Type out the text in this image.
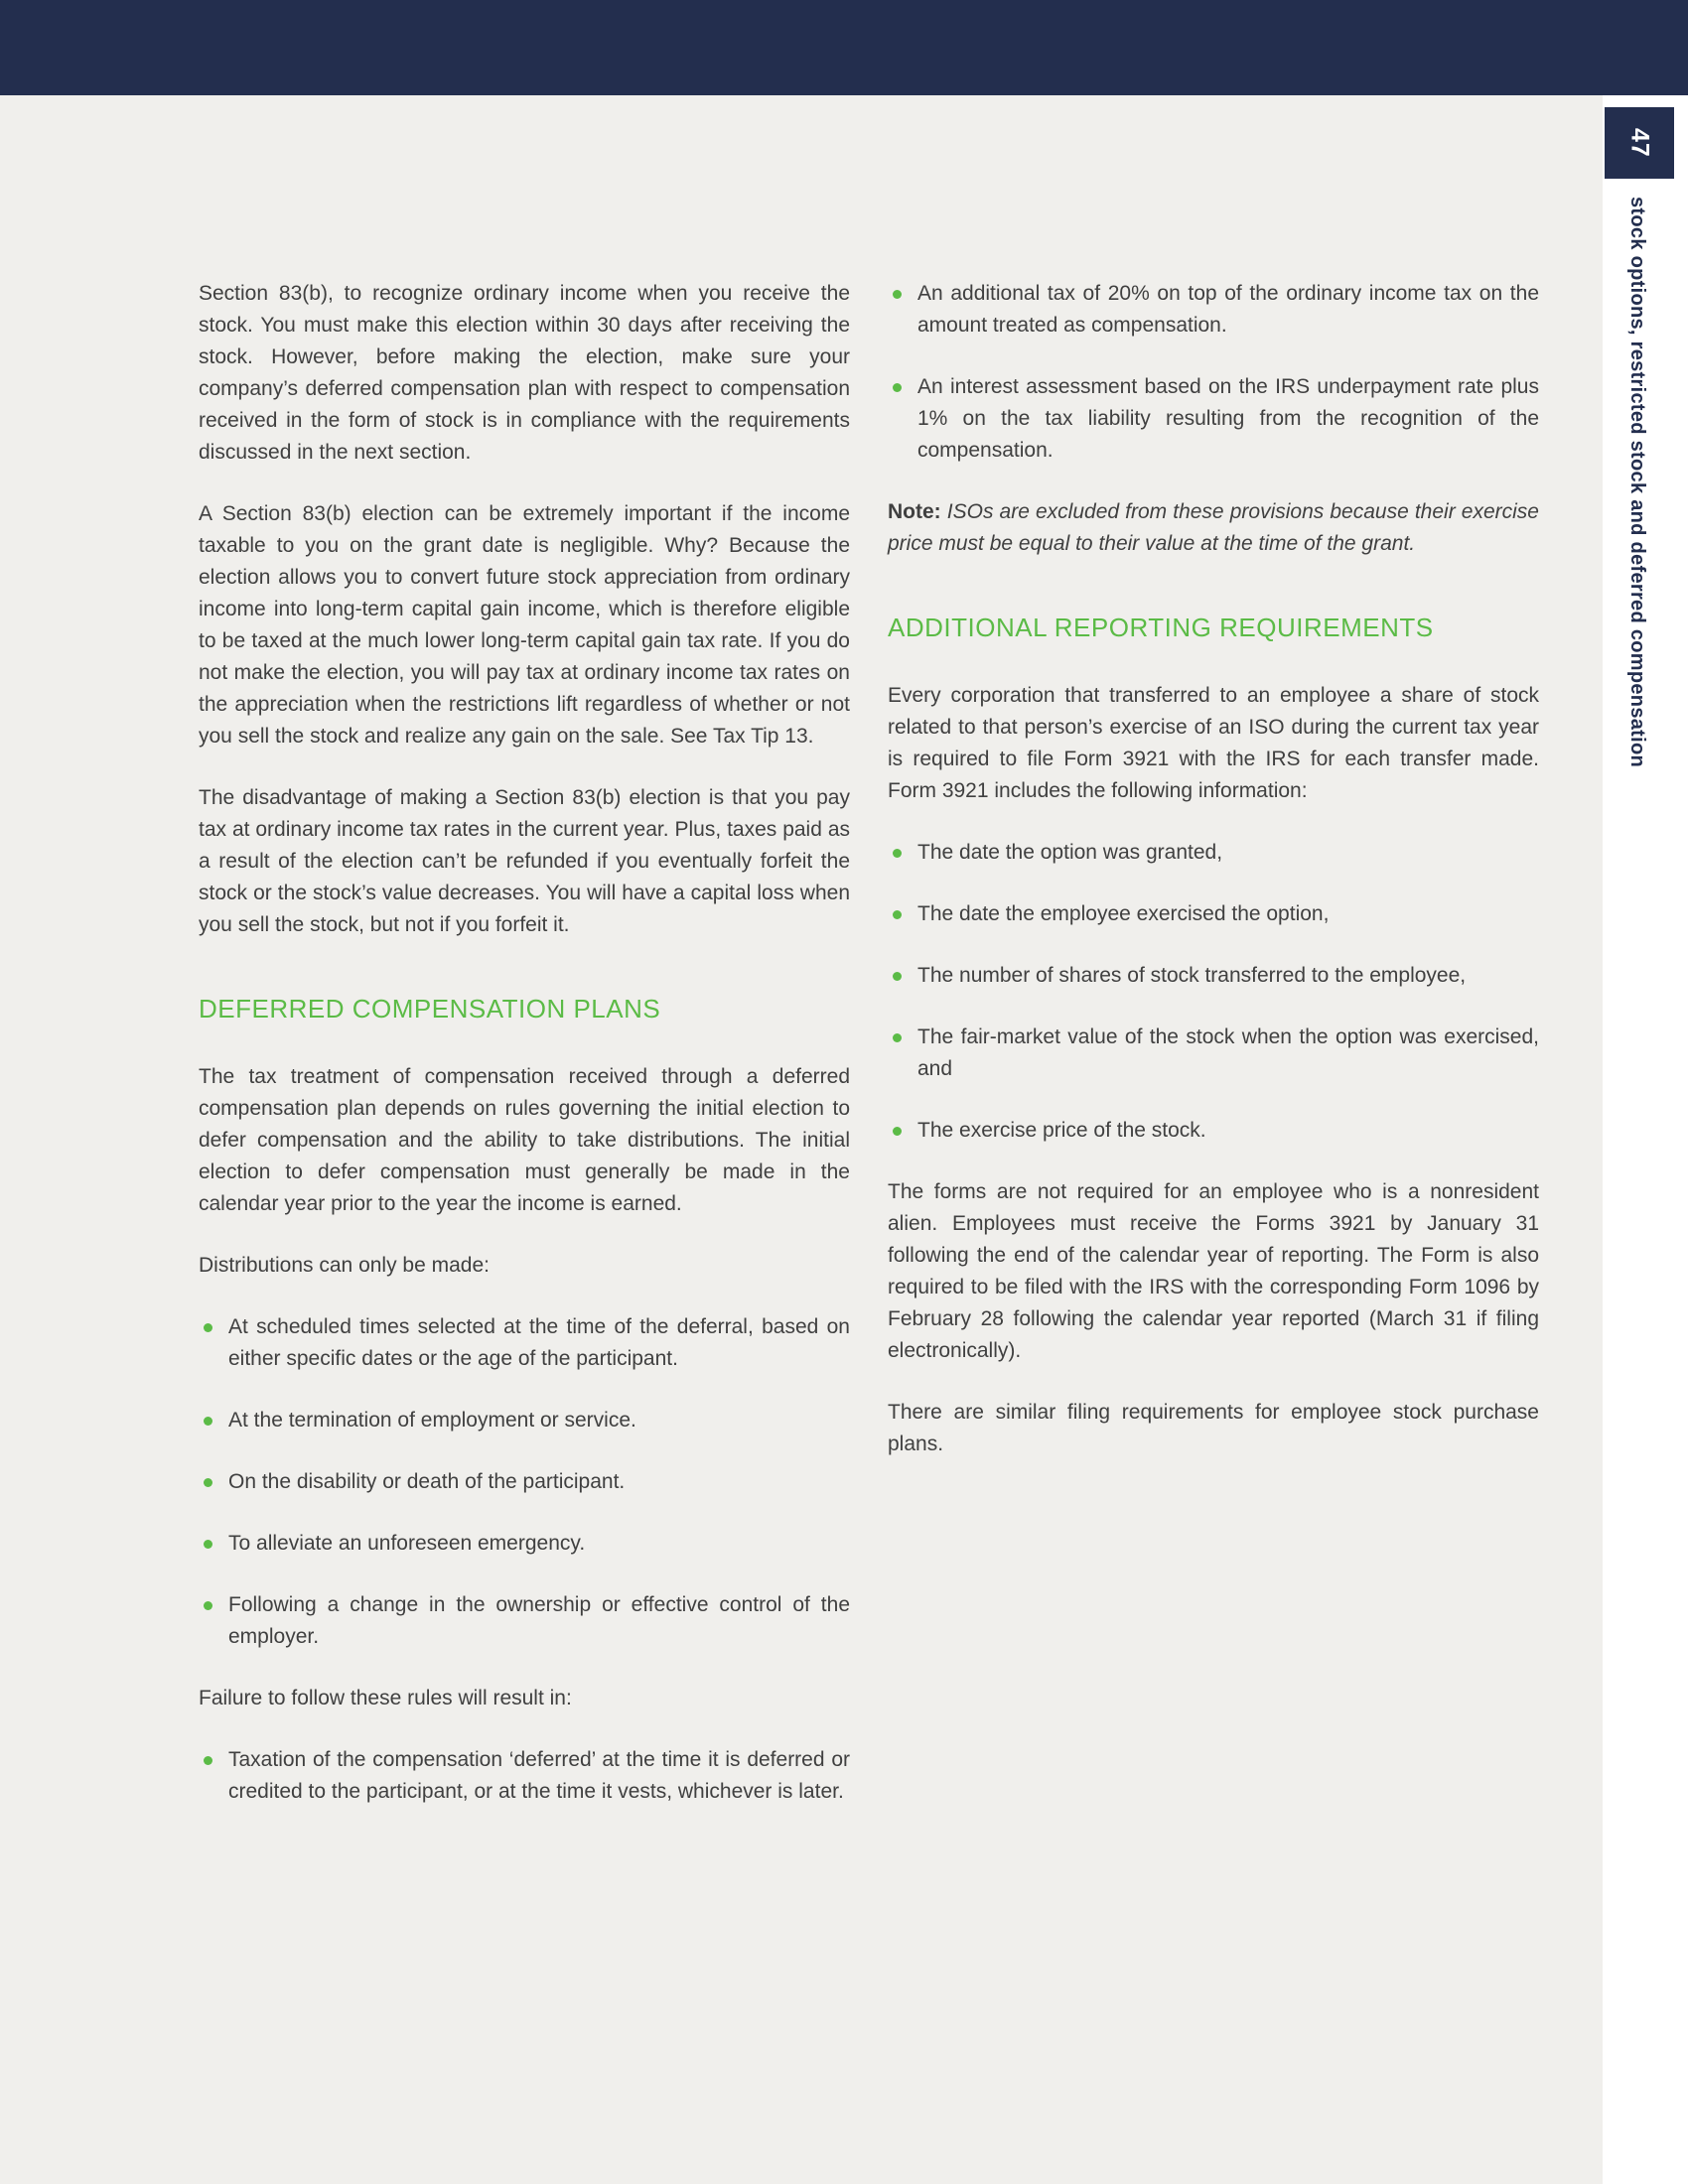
47
stock options, restricted stock and deferred compensation

Section 83(b), to recognize ordinary income when you receive the stock. You must make this election within 30 days after receiving the stock. However, before making the election, make sure your company’s deferred compensation plan with respect to compensation received in the form of stock is in compliance with the requirements discussed in the next section.

A Section 83(b) election can be extremely important if the income taxable to you on the grant date is negligible. Why? Because the election allows you to convert future stock appreciation from ordinary income into long-term capital gain income, which is therefore eligible to be taxed at the much lower long-term capital gain tax rate. If you do not make the election, you will pay tax at ordinary income tax rates on the appreciation when the restrictions lift regardless of whether or not you sell the stock and realize any gain on the sale. See Tax Tip 13.

The disadvantage of making a Section 83(b) election is that you pay tax at ordinary income tax rates in the current year. Plus, taxes paid as a result of the election can’t be refunded if you eventually forfeit the stock or the stock’s value decreases. You will have a capital loss when you sell the stock, but not if you forfeit it.

DEFERRED COMPENSATION PLANS

The tax treatment of compensation received through a deferred compensation plan depends on rules governing the initial election to defer compensation and the ability to take distributions. The initial election to defer compensation must generally be made in the calendar year prior to the year the income is earned.

Distributions can only be made:

At scheduled times selected at the time of the deferral, based on either specific dates or the age of the participant.
At the termination of employment or service.
On the disability or death of the participant.
To alleviate an unforeseen emergency.
Following a change in the ownership or effective control of the employer.

Failure to follow these rules will result in:

Taxation of the compensation ‘deferred’ at the time it is deferred or credited to the participant, or at the time it vests, whichever is later.
An additional tax of 20% on top of the ordinary income tax on the amount treated as compensation.
An interest assessment based on the IRS underpayment rate plus 1% on the tax liability resulting from the recognition of the compensation.

Note: ISOs are excluded from these provisions because their exercise price must be equal to their value at the time of the grant.

ADDITIONAL REPORTING REQUIREMENTS

Every corporation that transferred to an employee a share of stock related to that person’s exercise of an ISO during the current tax year is required to file Form 3921 with the IRS for each transfer made. Form 3921 includes the following information:

The date the option was granted,
The date the employee exercised the option,
The number of shares of stock transferred to the employee,
The fair-market value of the stock when the option was exercised, and
The exercise price of the stock.

The forms are not required for an employee who is a nonresident alien. Employees must receive the Forms 3921 by January 31 following the end of the calendar year of reporting. The Form is also required to be filed with the IRS with the corresponding Form 1096 by February 28 following the calendar year reported (March 31 if filing electronically).

There are similar filing requirements for employee stock purchase plans.
